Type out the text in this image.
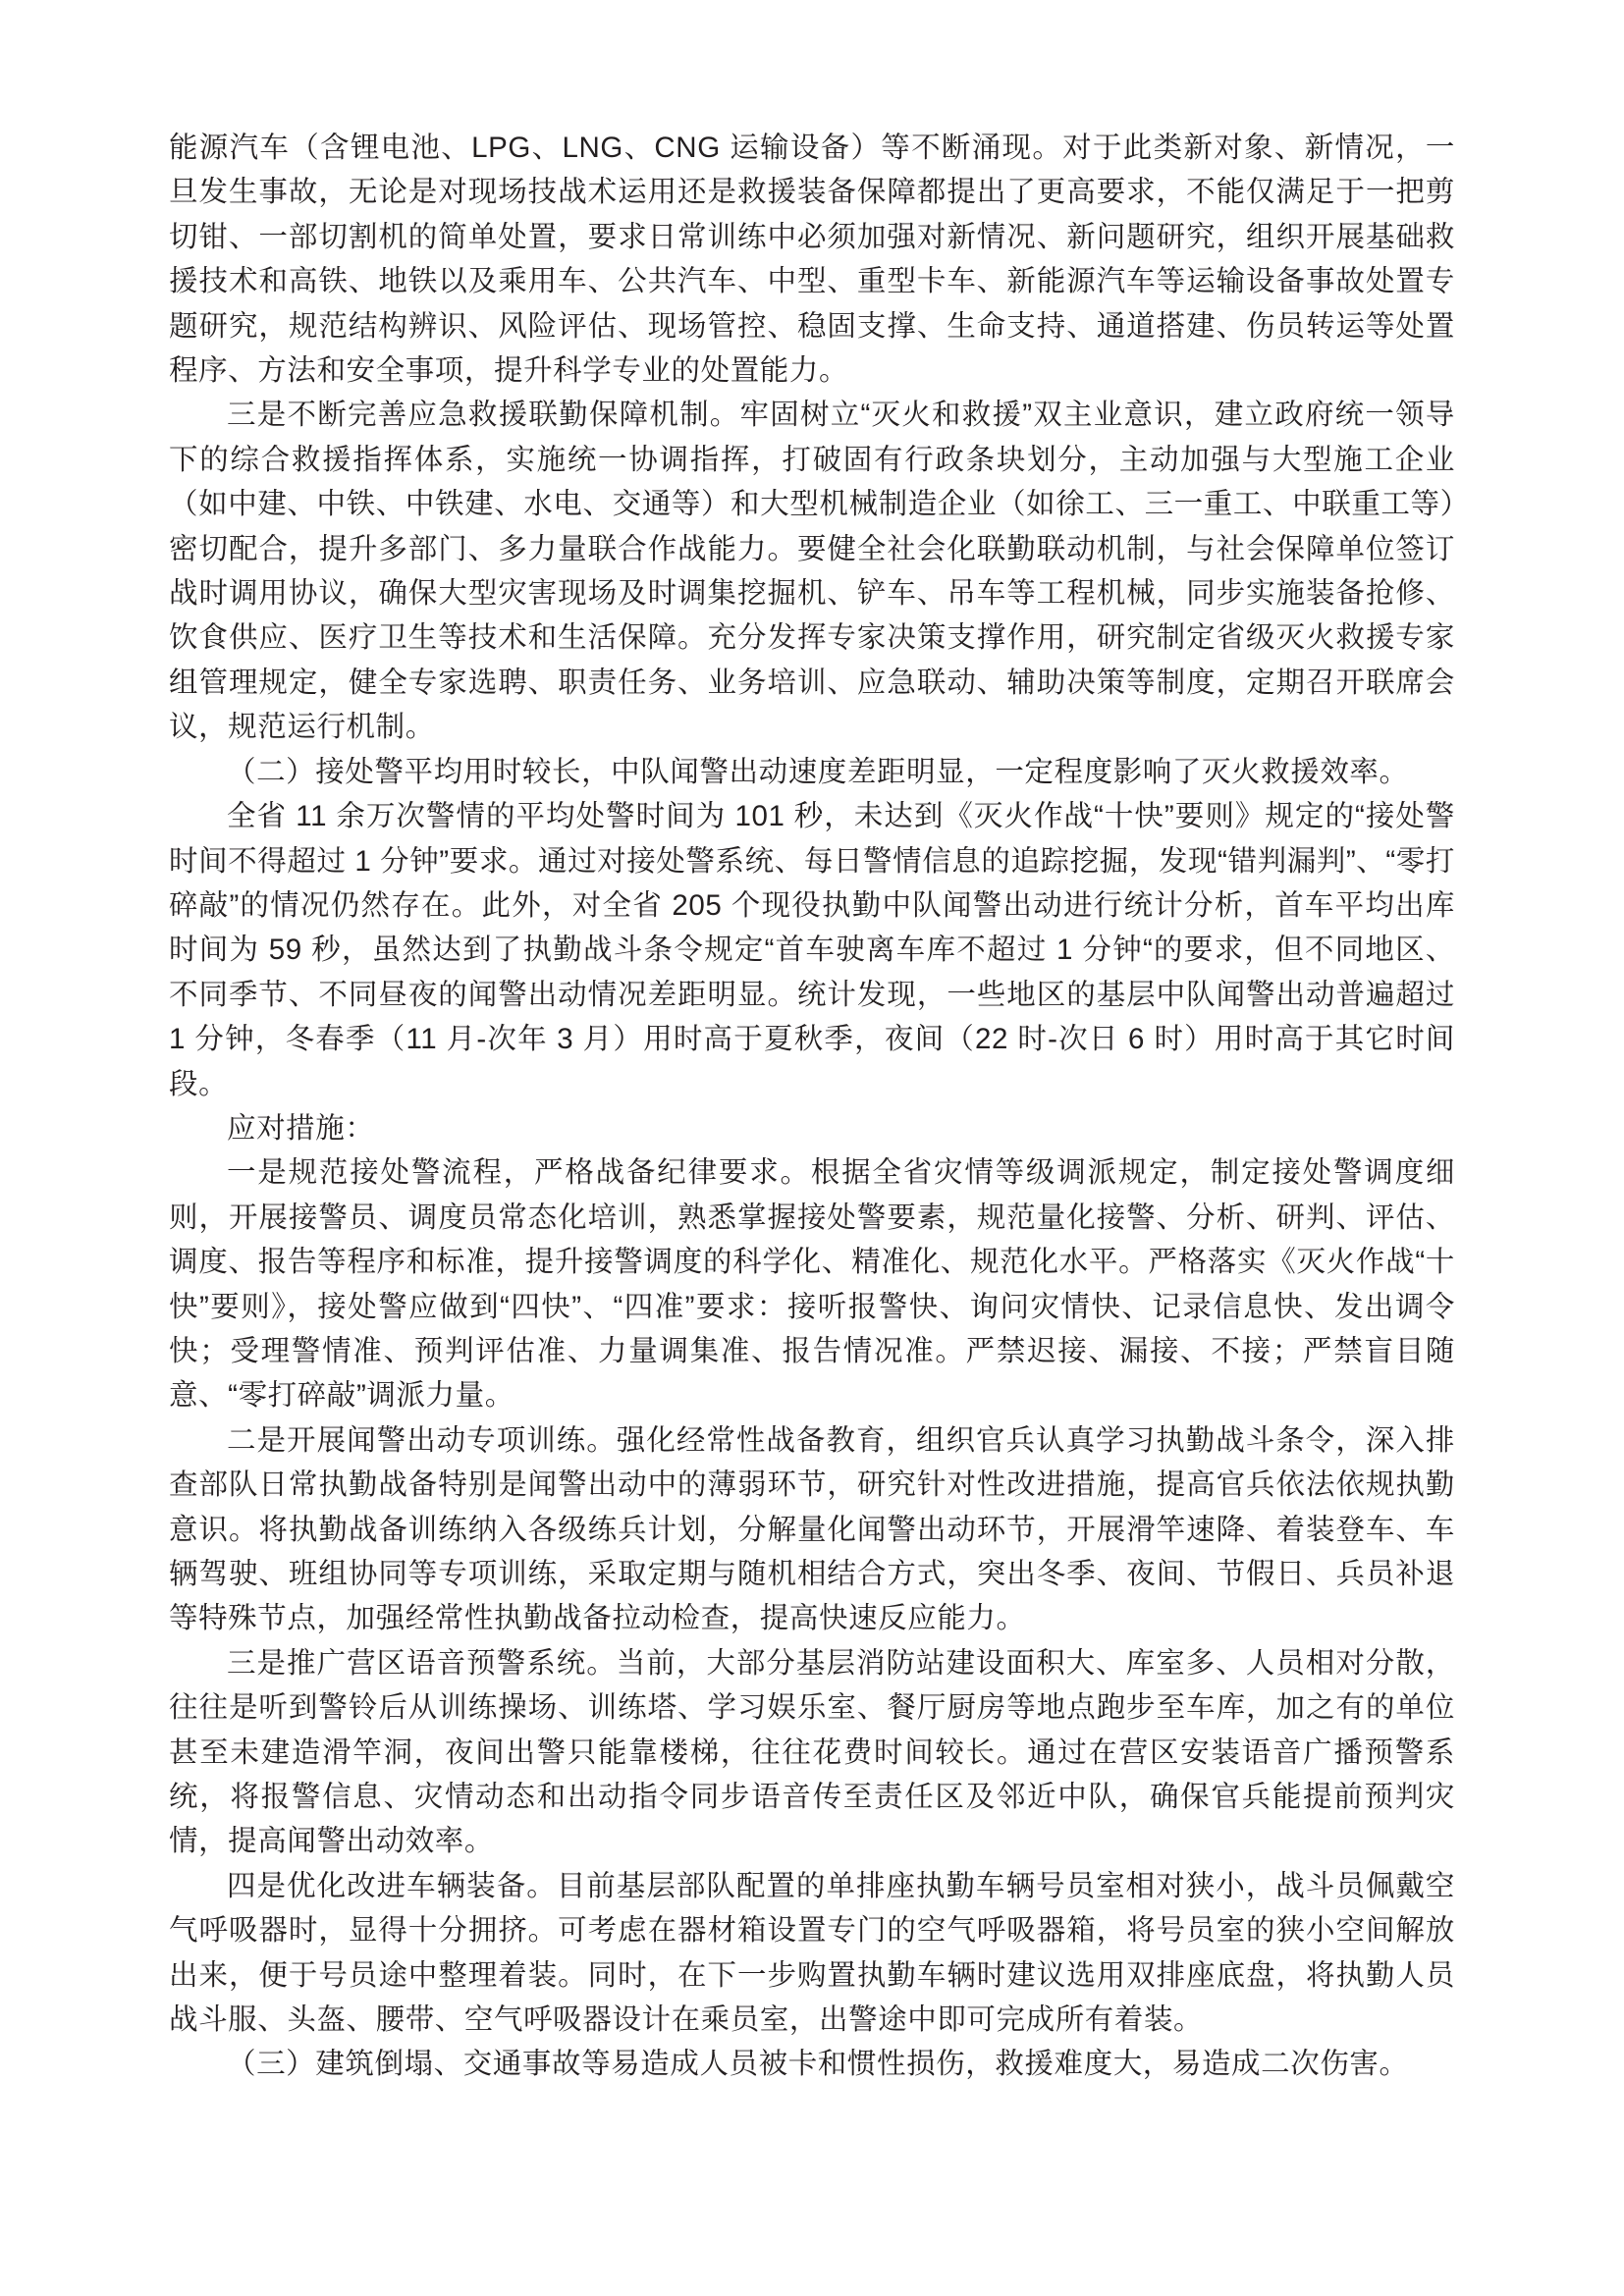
能源汽车（含锂电池、LPG、LNG、CNG 运输设备）等不断涌现。对于此类新对象、新情况，一旦发生事故，无论是对现场技战术运用还是救援装备保障都提出了更高要求，不能仅满足于一把剪切钳、一部切割机的简单处置，要求日常训练中必须加强对新情况、新问题研究，组织开展基础救援技术和高铁、地铁以及乘用车、公共汽车、中型、重型卡车、新能源汽车等运输设备事故处置专题研究，规范结构辨识、风险评估、现场管控、稳固支撑、生命支持、通道搭建、伤员转运等处置程序、方法和安全事项，提升科学专业的处置能力。

三是不断完善应急救援联勤保障机制。牢固树立“灭火和救援”双主业意识，建立政府统一领导下的综合救援指挥体系，实施统一协调指挥，打破固有行政条块划分，主动加强与大型施工企业（如中建、中铁、中铁建、水电、交通等）和大型机械制造企业（如徐工、三一重工、中联重工等）密切配合，提升多部门、多力量联合作战能力。要健全社会化联勤联动机制，与社会保障单位签订战时调用协议，确保大型灾害现场及时调集挖掘机、铲车、吊车等工程机械，同步实施装备抢修、饮食供应、医疗卫生等技术和生活保障。充分发挥专家决策支撑作用，研究制定省级灭火救援专家组管理规定，健全专家选聘、职责任务、业务培训、应急联动、辅助决策等制度，定期召开联席会议，规范运行机制。

（二）接处警平均用时较长，中队闻警出动速度差距明显，一定程度影响了灭火救援效率。

全省 11 余万次警情的平均处警时间为 101 秒，未达到《灭火作战“十快”要则》规定的“接处警时间不得超过 1 分钟”要求。通过对接处警系统、每日警情信息的追踪挖掘，发现“错判漏判”、“零打碎敲”的情况仍然存在。此外，对全省 205 个现役执勤中队闻警出动进行统计分析，首车平均出库时间为 59 秒，虽然达到了执勤战斗条令规定“首车驶离车库不超过 1 分钟“的要求，但不同地区、不同季节、不同昼夜的闻警出动情况差距明显。统计发现，一些地区的基层中队闻警出动普遍超过 1 分钟，冬春季（11 月-次年 3 月）用时高于夏秋季，夜间（22 时-次日 6 时）用时高于其它时间段。

应对措施：

一是规范接处警流程，严格战备纪律要求。根据全省灾情等级调派规定，制定接处警调度细则，开展接警员、调度员常态化培训，熟悉掌握接处警要素，规范量化接警、分析、研判、评估、调度、报告等程序和标准，提升接警调度的科学化、精准化、规范化水平。严格落实《灭火作战“十快”要则》，接处警应做到“四快”、“四准”要求：接听报警快、询问灾情快、记录信息快、发出调令快；受理警情准、预判评估准、力量调集准、报告情况准。严禁迟接、漏接、不接；严禁盲目随意、“零打碎敲”调派力量。

二是开展闻警出动专项训练。强化经常性战备教育，组织官兵认真学习执勤战斗条令，深入排查部队日常执勤战备特别是闻警出动中的薄弱环节，研究针对性改进措施，提高官兵依法依规执勤意识。将执勤战备训练纳入各级练兵计划，分解量化闻警出动环节，开展滑竿速降、着装登车、车辆驾驶、班组协同等专项训练，采取定期与随机相结合方式，突出冬季、夜间、节假日、兵员补退等特殊节点，加强经常性执勤战备拉动检查，提高快速反应能力。

三是推广营区语音预警系统。当前，大部分基层消防站建设面积大、库室多、人员相对分散，往往是听到警铃后从训练操场、训练塔、学习娱乐室、餐厅厨房等地点跑步至车库，加之有的单位甚至未建造滑竿洞，夜间出警只能靠楼梯，往往花费时间较长。通过在营区安装语音广播预警系统，将报警信息、灾情动态和出动指令同步语音传至责任区及邻近中队，确保官兵能提前预判灾情，提高闻警出动效率。

四是优化改进车辆装备。目前基层部队配置的单排座执勤车辆号员室相对狭小，战斗员佩戴空气呼吸器时，显得十分拥挤。可考虑在器材箱设置专门的空气呼吸器箱，将号员室的狭小空间解放出来，便于号员途中整理着装。同时，在下一步购置执勤车辆时建议选用双排座底盘，将执勤人员战斗服、头盔、腰带、空气呼吸器设计在乘员室，出警途中即可完成所有着装。

（三）建筑倒塌、交通事故等易造成人员被卡和惯性损伤，救援难度大，易造成二次伤害。
